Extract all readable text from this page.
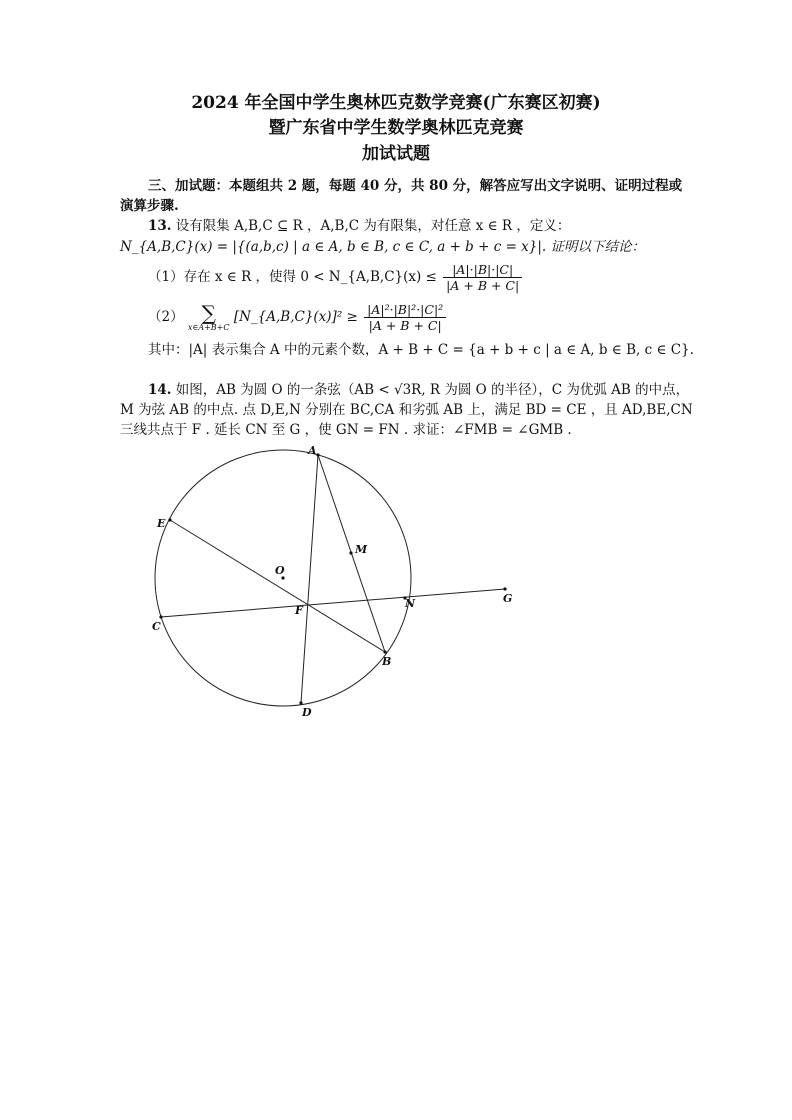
2024 年全国中学生奥林匹克数学竞赛(广东赛区初赛)
暨广东省中学生数学奥林匹克竞赛
加试试题
三、加试题：本题组共 2 题，每题 40 分，共 80 分，解答应写出文字说明、证明过程或
演算步骤.
13. 设有限集 A,B,C ⊆ R ，A,B,C 为有限集，对任意 x ∈ R ，定义：
N_{A,B,C}(x) = |{(a,b,c) | a ∈ A, b ∈ B, c ∈ C, a + b + c = x}|. 证明以下结论：
（1）存在 x ∈ R ，使得 0 < N_{A,B,C}(x) ≤ $\frac{|A|\cdot|B|\cdot|C|}{|A + B + C|}$
（2） ∑
x∈A+B+C
[N_{A,B,C}(x)]² ≥ $\frac{\text{|A|²·|B|²·|C|²}}{|A + B + C|}$
其中：|A| 表示集合 A 中的元素个数，A + B + C = {a + b + c | a ∈ A, b ∈ B, c ∈ C}.
14. 如图，AB 为圆 O 的一条弦（AB < √3R, R 为圆 O 的半径），C 为优弧 AB 的中点，
M 为弦 AB 的中点. 点 D,E,N 分别在 BC,CA 和劣弧 AB 上，满足 BD = CE ，且 AD,BE,CN
三线共点于 F . 延长 CN 至 G ，使 GN = FN . 求证：∠FMB = ∠GMB .
A
B
C
D
E
F
G
M
N
O
